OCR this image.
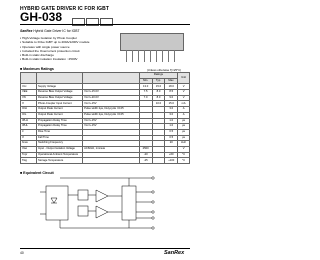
HYBRID GATE DRIVER IC FOR IGBT
GH-038
SanRex Hybrid Gate Driver IC for IGBT
▪ High-Voltage Isolation by Photo Coupler
▪ Suitable to Drive IGBT up to 400A/1200V module
▪ Operates with single power source
▪ Included the Overcurrent protection circuit
▪ Built-in static discharge
▪ Built-in static isolation Insulation : 2500V
■ Maximum Ratings	(Unless otherwise Tj=25°C)
			Ratings			Unit
			Min.	Typ.	Max.	
Vcc	Supply Voltage		13.0	15.0	18.0	V
VEE	Reverse Bias Output Voltage	Vcc=+15.0V	7.5	8.0	8.5	V
VN	Reverse Bias Output Voltage	Vcc=+20.0V	7.0	8.0	9.0	V
If	Photo-Coupler Input Current	Vcc=+15V		10.0	15.0	mA
IOH	Output Peak Current	Pulse width 2µs, Dutycycle =0.05			3.0	A
IOL	Output Peak Current	Pulse width 2µs, Dutycycle =0.05			3.0	A
tPLH	Propagation Delay Time	Vcc=+15V			1.0	µs
tPHL	Propagation Delay Time	Vcc=+15V			1.0	µs
tr	Rise Time				0.5	µs
tf	Fall Time				0.5	µs
fmax	Switching Frequency				20	kHz
Viso	Input - Output Isolation Voltage	AC60Hz, 1minute	2500			V
Topr	Operational Ambient Temperature		-20		+60	°C
Tstg	Storage Temperature		-25		+100	°C
■ Equivalent Circuit
40	SanRex
